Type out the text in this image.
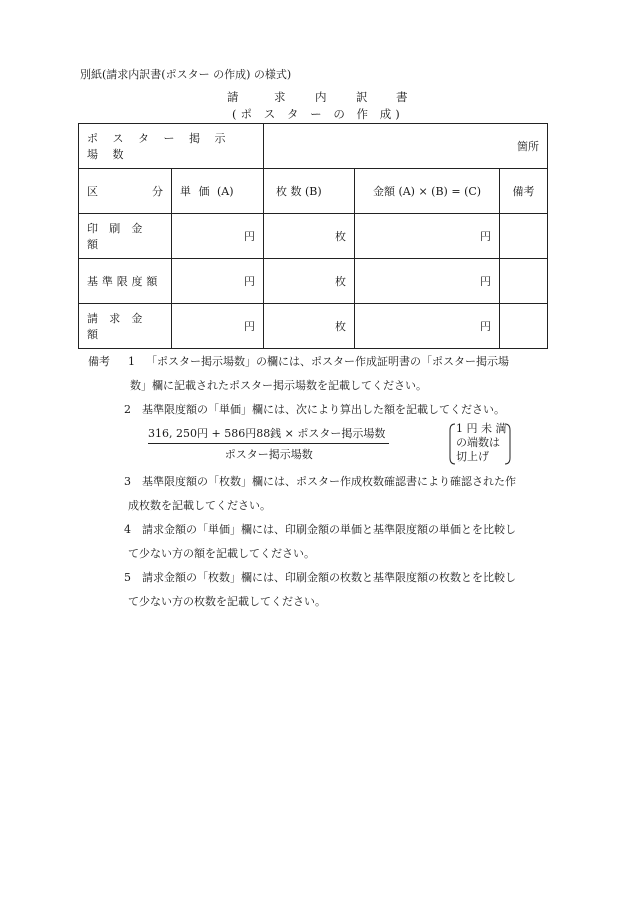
別紙(請求内訳書(ポスター の作成) の様式)
請	求	内	訳 書
(ポ ス タ ー の 作 成)
ポ ス タ ー 掲 示 場 数		箇所		

区 分	単 価 (A)	枚 数 (B)	金額 (A) × (B) = (C)	備考
印 刷 金 額	円	枚	円	
基準限度額	円	枚	円	
請 求 金 額	円	枚	円	
備考 1 「ポスター掲示場数」の欄には、ポスター作成証明書の「ポスター掲示場
数」欄に記載されたポスター掲示場数を記載してください。
2 基準限度額の「単価」欄には、次により算出した額を記載してください。
3 基準限度額の「枚数」欄には、ポスター作成枚数確認書により確認された作
成枚数を記載してください。
4 請求金額の「単価」欄には、印刷金額の単価と基準限度額の単価とを比較し
て少ない方の額を記載してください。
5 請求金額の「枚数」欄には、印刷金額の枚数と基準限度額の枚数とを比較し
て少ない方の枚数を記載してください。
316, 250円 + 586円88銭 × ポスター掲示場数
ポスター掲示場数
1 円 未 満
の端数は
切上げ
